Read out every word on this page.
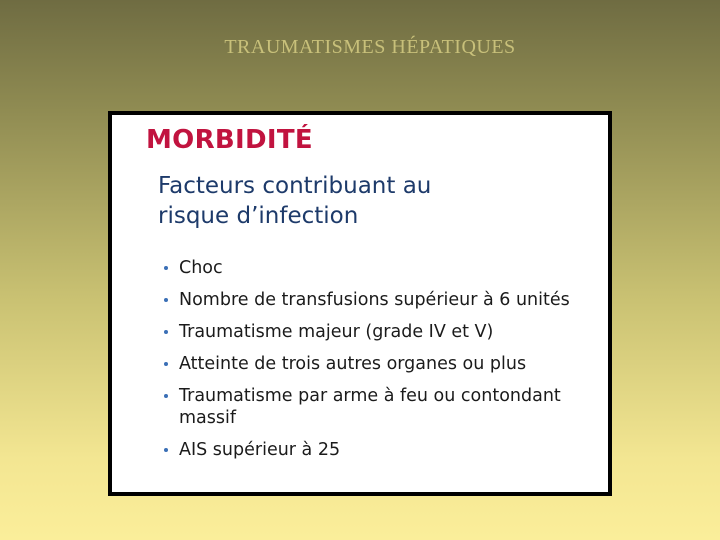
TRAUMATISMES HÉPATIQUES
MORBIDITÉ
Facteurs contribuant au
risque d’infection
Choc
Nombre de transfusions supérieur à 6 unités
Traumatisme majeur (grade IV et V)
Atteinte de trois autres organes ou plus
Traumatisme par arme à feu ou contondant massif
AIS supérieur à 25
